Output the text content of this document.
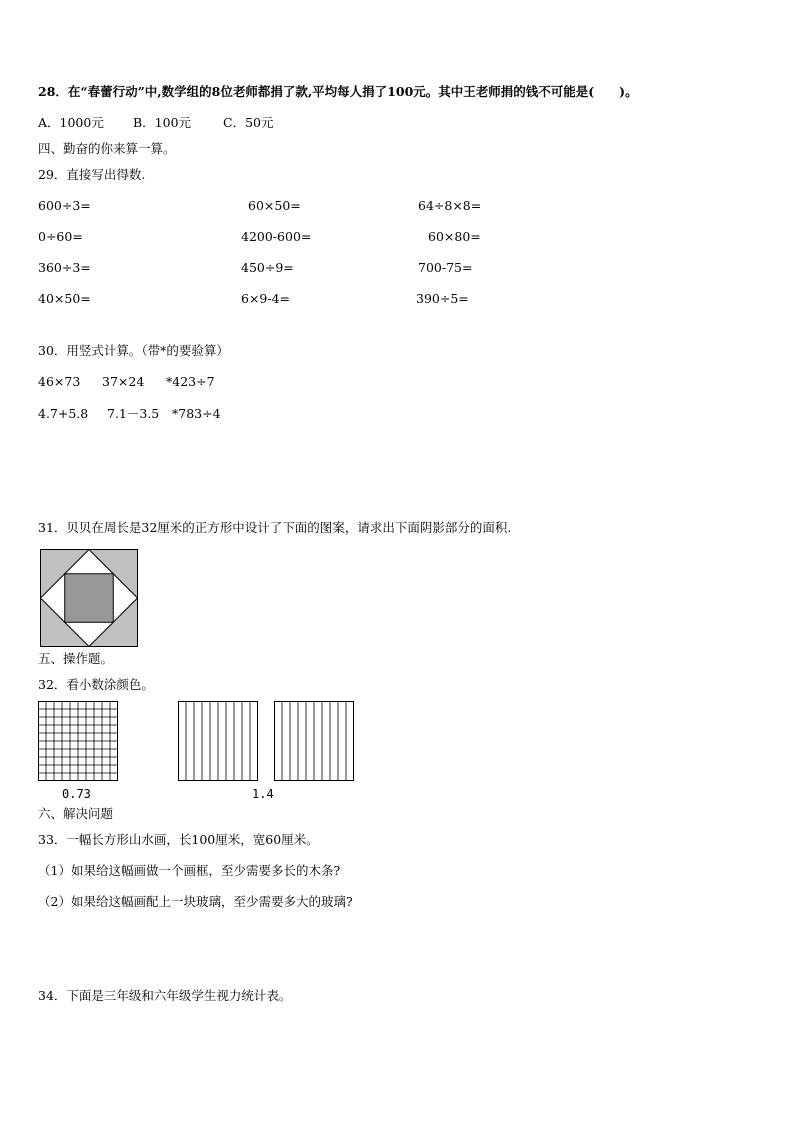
28．在“春蕾行动”中,数学组的8位老师都捐了款,平均每人捐了100元。其中王老师捐的钱不可能是(　　)。
A．1000元 B．100元	C．50元
四、勤奋的你来算一算。
29．直接写出得数.
600÷3=	60×50=	64÷8×8=
0÷60=	4200-600=	60×80=
360÷3=	450÷9=	700-75=
40×50=	6×9-4=	390÷5=
30．用竖式计算。（带*的要验算）
46×73 37×24 *423÷7
4.7+5.8 7.1－3.5 *783÷4
31．贝贝在周长是32厘米的正方形中设计了下面的图案，请求出下面阴影部分的面积.
五、操作题。
32．看小数涂颜色。
0.73	1.4
六、解决问题
33．一幅长方形山水画，长100厘米，宽60厘米。
（1）如果给这幅画做一个画框，至少需要多长的木条?
（2）如果给这幅画配上一块玻璃，至少需要多大的玻璃?
34．下面是三年级和六年级学生视力统计表。
